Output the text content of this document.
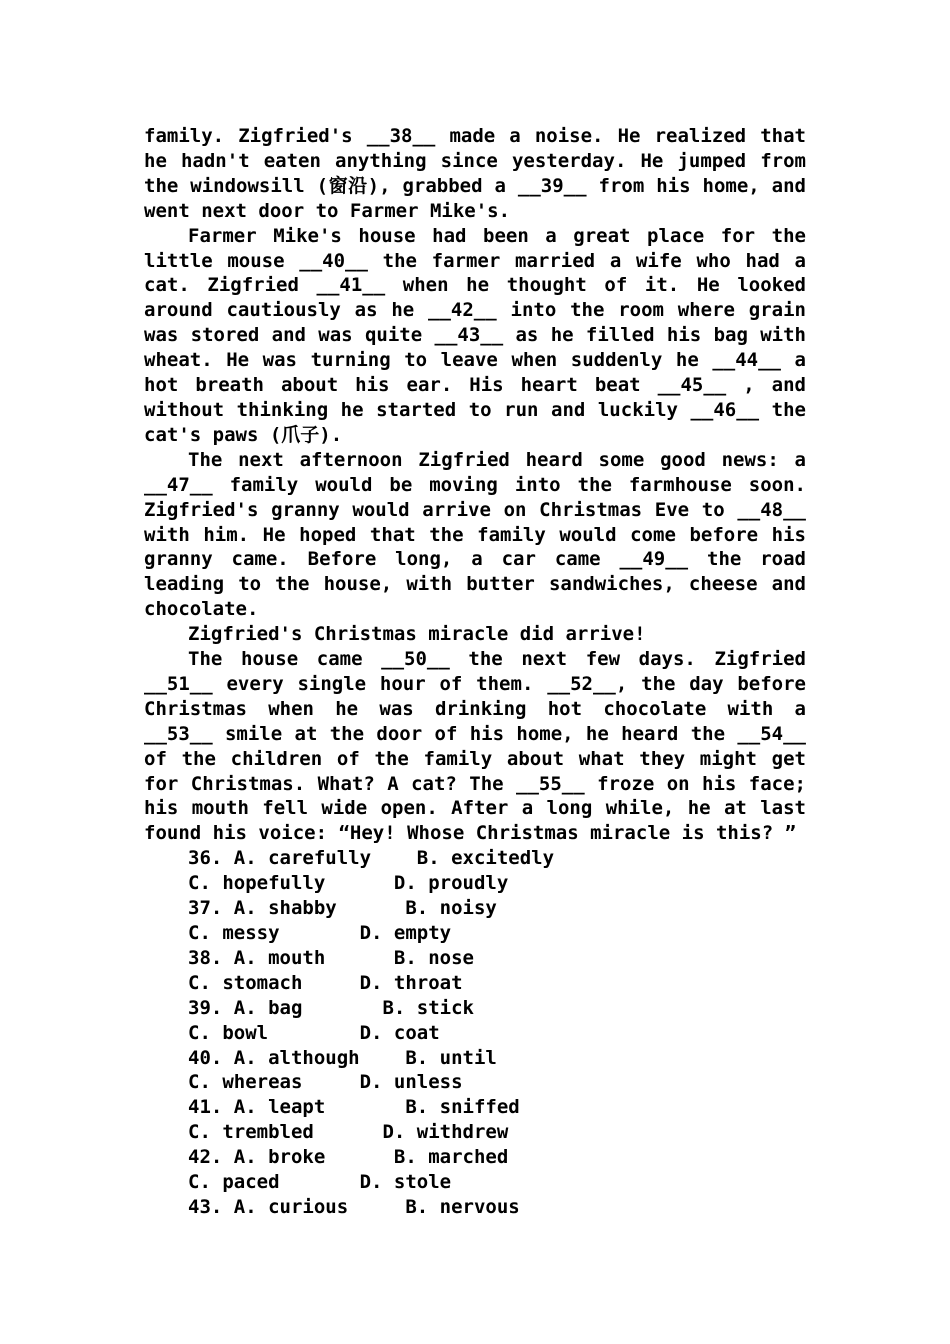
family. Zigfried's __38__ made a noise. He realized that he hadn't eaten anything since yesterday. He jumped from the windowsill (窗沿), grabbed a __39__ from his home, and went next door to Farmer Mike's.

Farmer Mike's house had been a great place for the little mouse __40__ the farmer married a wife who had a cat. Zigfried __41__ when he thought of it. He looked around cautiously as he __42__ into the room where grain was stored and was quite __43__ as he filled his bag with wheat. He was turning to leave when suddenly he __44__ a hot breath about his ear. His heart beat __45__ , and without thinking he started to run and luckily __46__ the cat's paws (爪子).

The next afternoon Zigfried heard some good news: a __47__ family would be moving into the farmhouse soon. Zigfried's granny would arrive on Christmas Eve to __48__ with him. He hoped that the family would come before his granny came. Before long, a car came __49__ the road leading to the house, with butter sandwiches, cheese and chocolate.

Zigfried's Christmas miracle did arrive!

The house came __50__ the next few days. Zigfried __51__ every single hour of them. __52__, the day before Christmas when he was drinking hot chocolate with a __53__ smile at the door of his home, he heard the __54__ of the children of the family about what they might get for Christmas. What? A cat? The __55__ froze on his face; his mouth fell wide open. After a long while, he at last found his voice: “Hey! Whose Christmas miracle is this? ”

36. A. carefully    B. excitedly

C. hopefully      D. proudly

37. A. shabby      B. noisy

C. messy       D. empty

38. A. mouth      B. nose

C. stomach     D. throat

39. A. bag       B. stick

C. bowl        D. coat

40. A. although    B. until

C. whereas     D. unless

41. A. leapt       B. sniffed

C. trembled      D. withdrew

42. A. broke      B. marched

C. paced       D. stole

43. A. curious     B. nervous
